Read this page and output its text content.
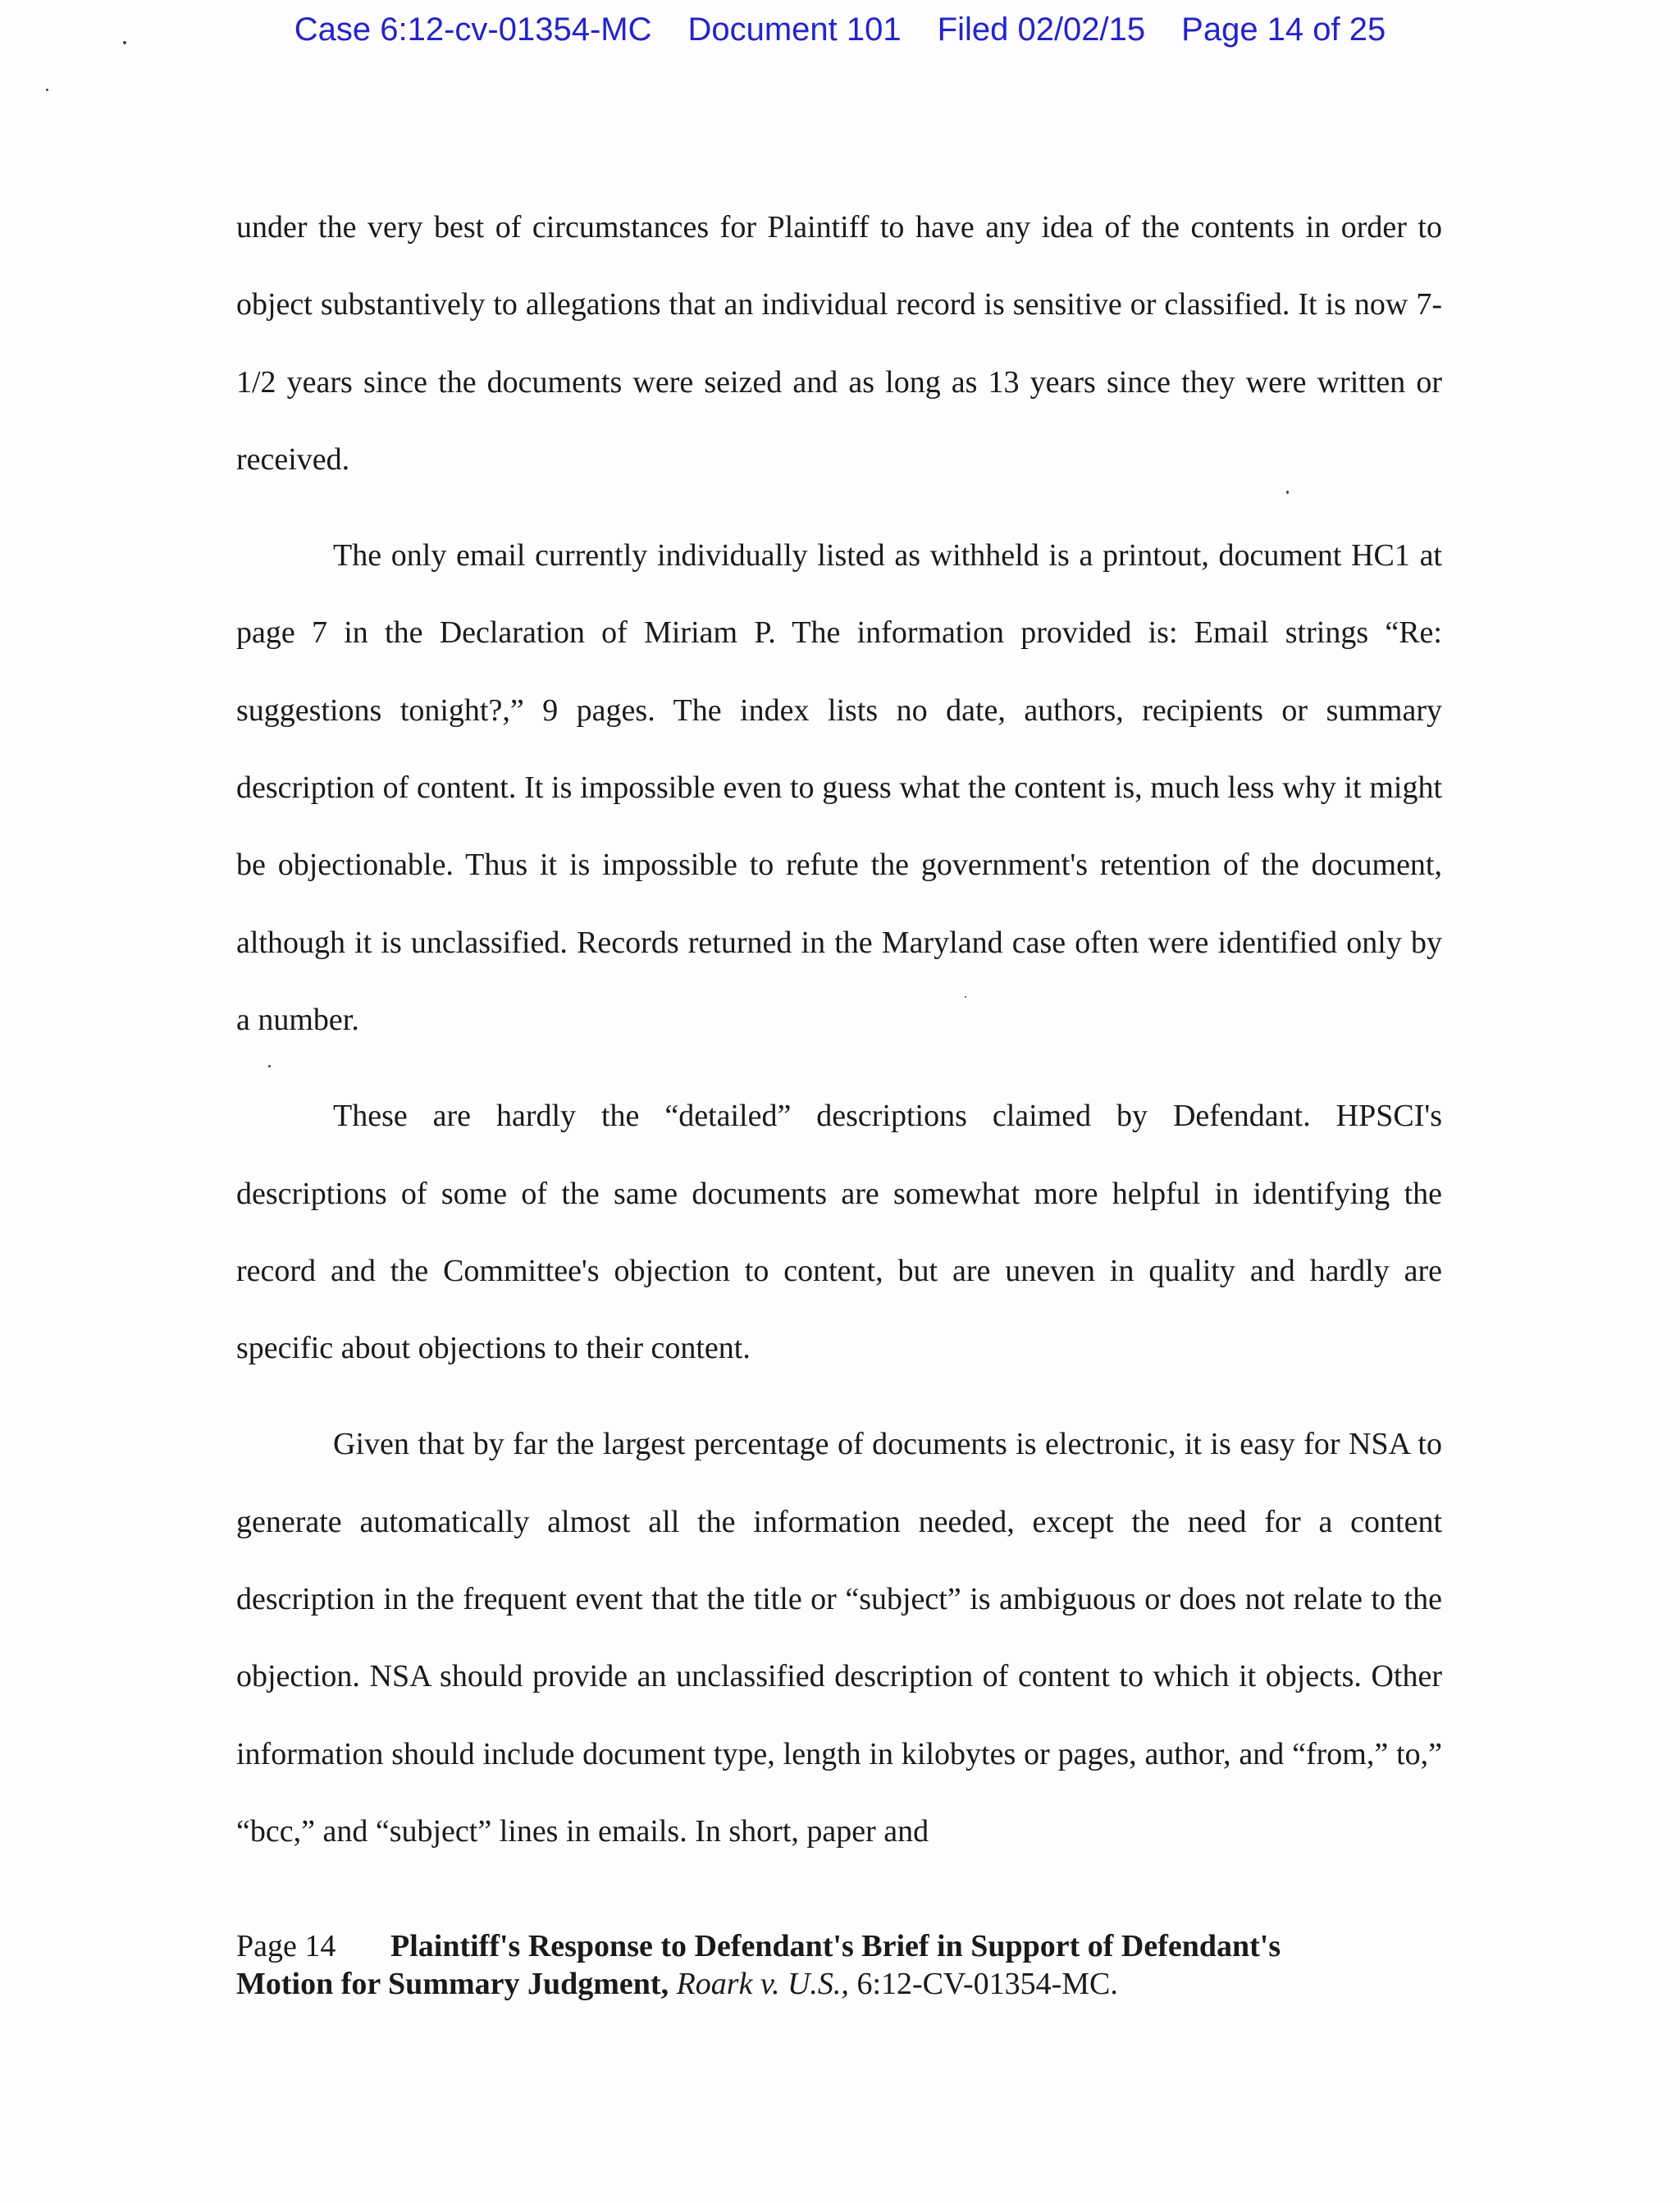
Case 6:12-cv-01354-MC Document 101 Filed 02/02/15 Page 14 of 25

under the very best of circumstances for Plaintiff to have any idea of the contents in order to object substantively to allegations that an individual record is sensitive or classified. It is now 7-1/2 years since the documents were seized and as long as 13 years since they were written or received.

The only email currently individually listed as withheld is a printout, document HC1 at page 7 in the Declaration of Miriam P. The information provided is: Email strings “Re: suggestions tonight?,” 9 pages. The index lists no date, authors, recipients or summary description of content. It is impossible even to guess what the content is, much less why it might be objectionable. Thus it is impossible to refute the government's retention of the document, although it is unclassified. Records returned in the Maryland case often were identified only by a number.

These are hardly the “detailed” descriptions claimed by Defendant. HPSCI's descriptions of some of the same documents are somewhat more helpful in identifying the record and the Committee's objection to content, but are uneven in quality and hardly are specific about objections to their content.

Given that by far the largest percentage of documents is electronic, it is easy for NSA to generate automatically almost all the information needed, except the need for a content description in the frequent event that the title or “subject” is ambiguous or does not relate to the objection. NSA should provide an unclassified description of content to which it objects. Other information should include document type, length in kilobytes or pages, author, and “from,” to,” “bcc,” and “subject” lines in emails. In short, paper and

Page 14 Plaintiff's Response to Defendant's Brief in Support of Defendant's
Motion for Summary Judgment, Roark v. U.S., 6:12-CV-01354-MC.
